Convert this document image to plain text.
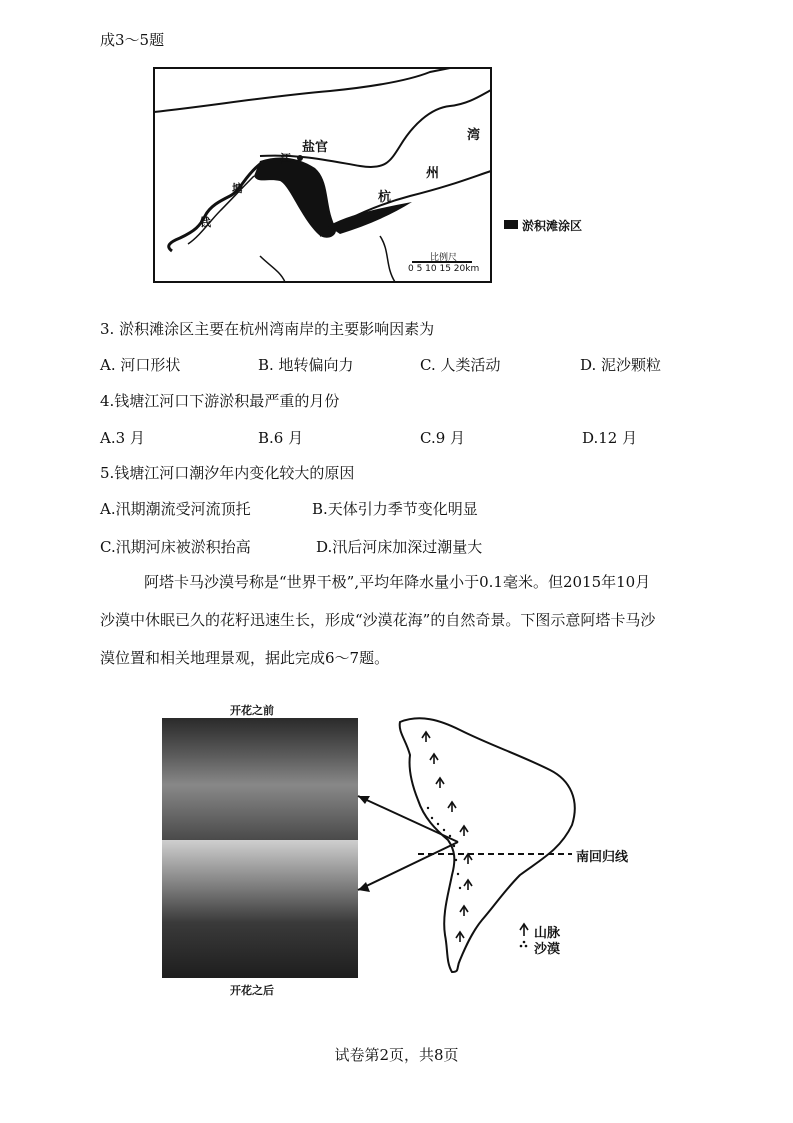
成3～5题
盐官
江
塘
钱
湾
州
杭
淤积滩涂区
比例尺
0 5 10 15 20km
3. 淤积滩涂区主要在杭州湾南岸的主要影响因素为
A. 河口形状	B. 地转偏向力	C. 人类活动	D. 泥沙颗粒
4.钱塘江河口下游淤积最严重的月份
A.3 月	B.6 月	C.9 月	D.12 月
5.钱塘江河口潮汐年内变化较大的原因
A.汛期潮流受河流顶托	B.天体引力季节变化明显
C.汛期河床被淤积抬高	D.汛后河床加深过潮量大
阿塔卡马沙漠号称是“世界干极”,平均年降水量小于0.1毫米。但2015年10月
沙漠中休眠已久的花籽迅速生长，形成“沙漠花海”的自然奇景。下图示意阿塔卡马沙
漠位置和相关地理景观，据此完成6～7题。
开花之前
开花之后
南回归线
山脉
沙漠
试卷第2页，共8页
